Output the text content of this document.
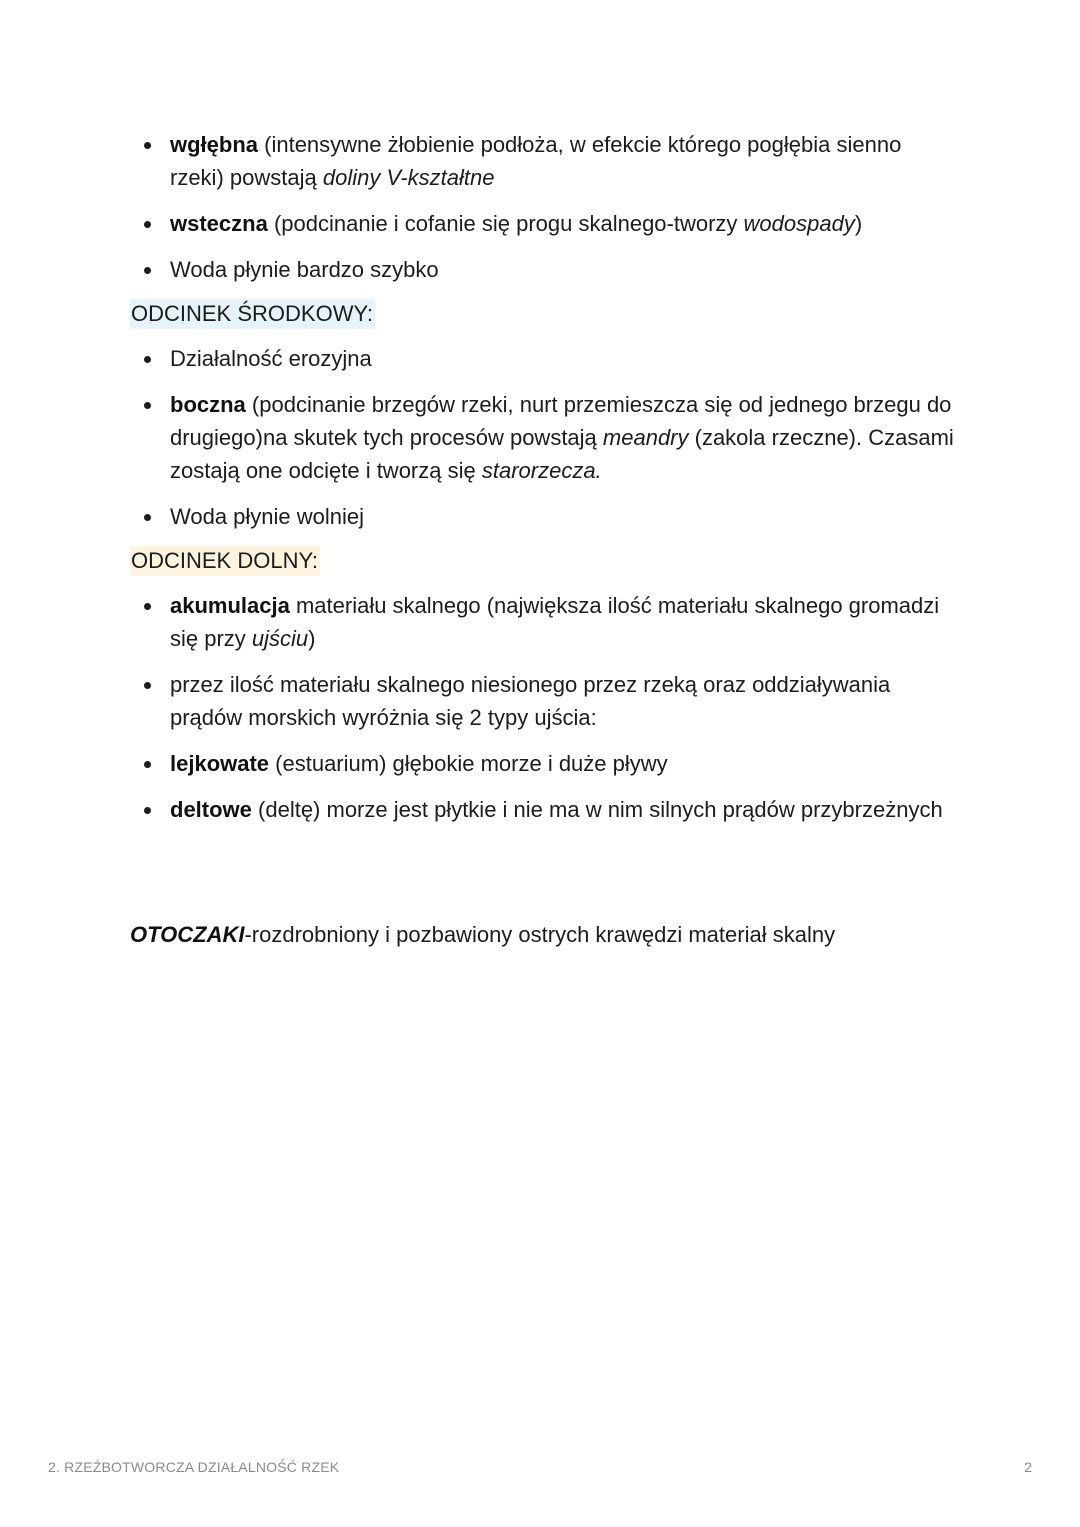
wgłębna (intensywne żłobienie podłoża, w efekcie którego pogłębia sienno rzeki) powstają doliny V-kształtne
wsteczna (podcinanie i cofanie się progu skalnego-tworzy wodospady)
Woda płynie bardzo szybko
ODCINEK ŚRODKOWY:
Działalność erozyjna
boczna (podcinanie brzegów rzeki, nurt przemieszcza się od jednego brzegu do drugiego)na skutek tych procesów powstają meandry (zakola rzeczne). Czasami zostają one odcięte i tworzą się starorzecza.
Woda płynie wolniej
ODCINEK DOLNY:
akumulacja materiału skalnego (największa ilość materiału skalnego gromadzi się przy ujściu)
przez ilość materiału skalnego niesionego przez rzeką oraz oddziaływania prądów morskich wyróżnia się 2 typy ujścia:
lejkowate (estuarium) głębokie morze i duże pływy
deltowe (deltę) morze jest płytkie i nie ma w nim silnych prądów przybrzeżnych
OTOCZAKI-rozdrobniony i pozbawiony ostrych krawędzi materiał skalny
2. RZEŹBOTWORCZA DZIAŁALNOŚĆ RZEK	2
